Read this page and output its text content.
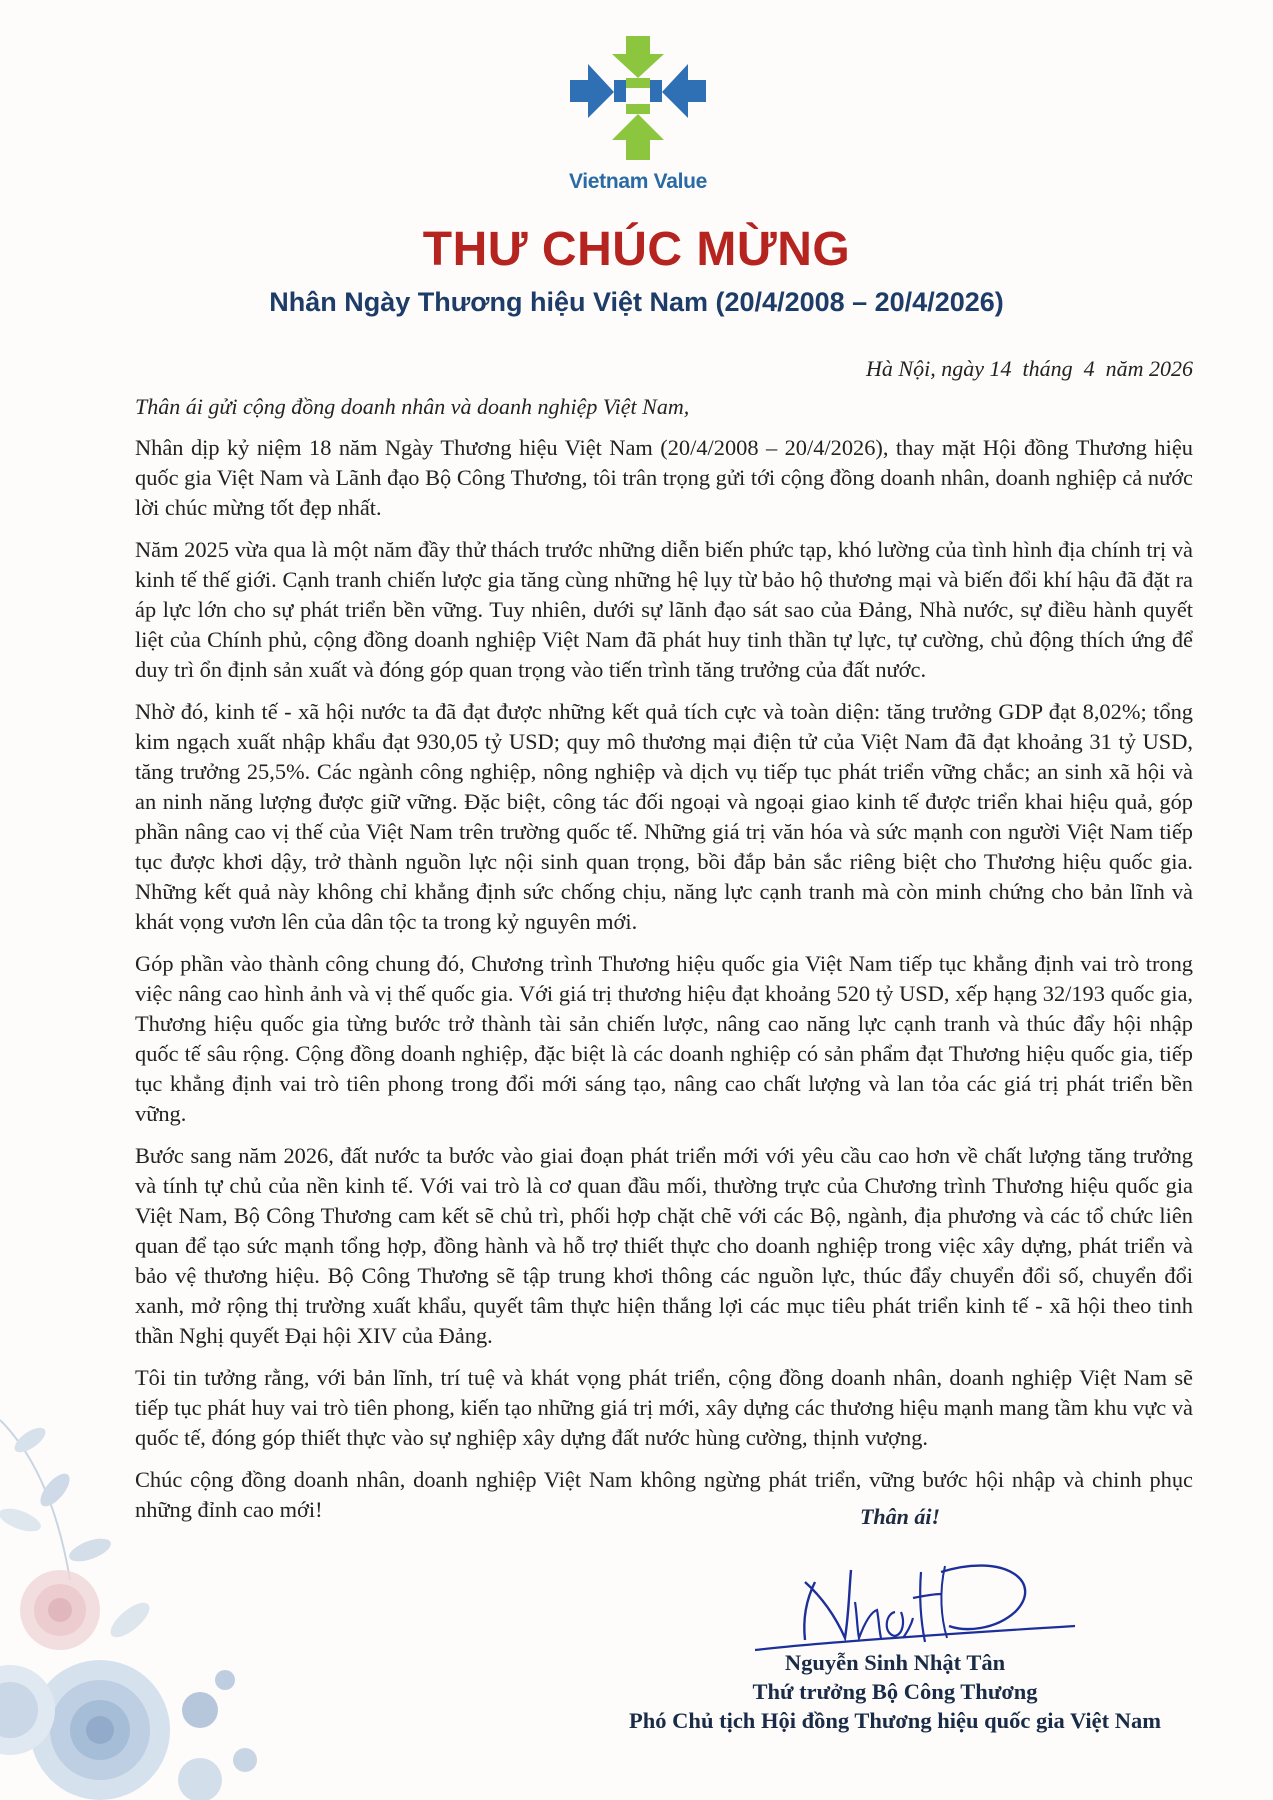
Vietnam Value
THƯ CHÚC MỪNG
Nhân Ngày Thương hiệu Việt Nam (20/4/2008 – 20/4/2026)
Hà Nội, ngày 14  tháng  4  năm 2026
Thân ái gửi cộng đồng doanh nhân và doanh nghiệp Việt Nam,

Nhân dịp kỷ niệm 18 năm Ngày Thương hiệu Việt Nam (20/4/2008 – 20/4/2026), thay mặt Hội đồng Thương hiệu quốc gia Việt Nam và Lãnh đạo Bộ Công Thương, tôi trân trọng gửi tới cộng đồng doanh nhân, doanh nghiệp cả nước lời chúc mừng tốt đẹp nhất.

Năm 2025 vừa qua là một năm đầy thử thách trước những diễn biến phức tạp, khó lường của tình hình địa chính trị và kinh tế thế giới. Cạnh tranh chiến lược gia tăng cùng những hệ lụy từ bảo hộ thương mại và biến đổi khí hậu đã đặt ra áp lực lớn cho sự phát triển bền vững. Tuy nhiên, dưới sự lãnh đạo sát sao của Đảng, Nhà nước, sự điều hành quyết liệt của Chính phủ, cộng đồng doanh nghiệp Việt Nam đã phát huy tinh thần tự lực, tự cường, chủ động thích ứng để duy trì ổn định sản xuất và đóng góp quan trọng vào tiến trình tăng trưởng của đất nước.

Nhờ đó, kinh tế - xã hội nước ta đã đạt được những kết quả tích cực và toàn diện: tăng trưởng GDP đạt 8,02%; tổng kim ngạch xuất nhập khẩu đạt 930,05 tỷ USD; quy mô thương mại điện tử của Việt Nam đã đạt khoảng 31 tỷ USD, tăng trưởng 25,5%. Các ngành công nghiệp, nông nghiệp và dịch vụ tiếp tục phát triển vững chắc; an sinh xã hội và an ninh năng lượng được giữ vững. Đặc biệt, công tác đối ngoại và ngoại giao kinh tế được triển khai hiệu quả, góp phần nâng cao vị thế của Việt Nam trên trường quốc tế. Những giá trị văn hóa và sức mạnh con người Việt Nam tiếp tục được khơi dậy, trở thành nguồn lực nội sinh quan trọng, bồi đắp bản sắc riêng biệt cho Thương hiệu quốc gia. Những kết quả này không chỉ khẳng định sức chống chịu, năng lực cạnh tranh mà còn minh chứng cho bản lĩnh và khát vọng vươn lên của dân tộc ta trong kỷ nguyên mới.

Góp phần vào thành công chung đó, Chương trình Thương hiệu quốc gia Việt Nam tiếp tục khẳng định vai trò trong việc nâng cao hình ảnh và vị thế quốc gia. Với giá trị thương hiệu đạt khoảng 520 tỷ USD, xếp hạng 32/193 quốc gia, Thương hiệu quốc gia từng bước trở thành tài sản chiến lược, nâng cao năng lực cạnh tranh và thúc đẩy hội nhập quốc tế sâu rộng. Cộng đồng doanh nghiệp, đặc biệt là các doanh nghiệp có sản phẩm đạt Thương hiệu quốc gia, tiếp tục khẳng định vai trò tiên phong trong đổi mới sáng tạo, nâng cao chất lượng và lan tỏa các giá trị phát triển bền vững.

Bước sang năm 2026, đất nước ta bước vào giai đoạn phát triển mới với yêu cầu cao hơn về chất lượng tăng trưởng và tính tự chủ của nền kinh tế. Với vai trò là cơ quan đầu mối, thường trực của Chương trình Thương hiệu quốc gia Việt Nam, Bộ Công Thương cam kết sẽ chủ trì, phối hợp chặt chẽ với các Bộ, ngành, địa phương và các tổ chức liên quan để tạo sức mạnh tổng hợp, đồng hành và hỗ trợ thiết thực cho doanh nghiệp trong việc xây dựng, phát triển và bảo vệ thương hiệu. Bộ Công Thương sẽ tập trung khơi thông các nguồn lực, thúc đẩy chuyển đổi số, chuyển đổi xanh, mở rộng thị trường xuất khẩu, quyết tâm thực hiện thắng lợi các mục tiêu phát triển kinh tế - xã hội theo tinh thần Nghị quyết Đại hội XIV của Đảng.

Tôi tin tưởng rằng, với bản lĩnh, trí tuệ và khát vọng phát triển, cộng đồng doanh nhân, doanh nghiệp Việt Nam sẽ tiếp tục phát huy vai trò tiên phong, kiến tạo những giá trị mới, xây dựng các thương hiệu mạnh mang tầm khu vực và quốc tế, đóng góp thiết thực vào sự nghiệp xây dựng đất nước hùng cường, thịnh vượng.

Chúc cộng đồng doanh nhân, doanh nghiệp Việt Nam không ngừng phát triển, vững bước hội nhập và chinh phục những đỉnh cao mới!	Thân ái!
Nguyễn Sinh Nhật Tân
Thứ trưởng Bộ Công Thương
Phó Chủ tịch Hội đồng Thương hiệu quốc gia Việt Nam
